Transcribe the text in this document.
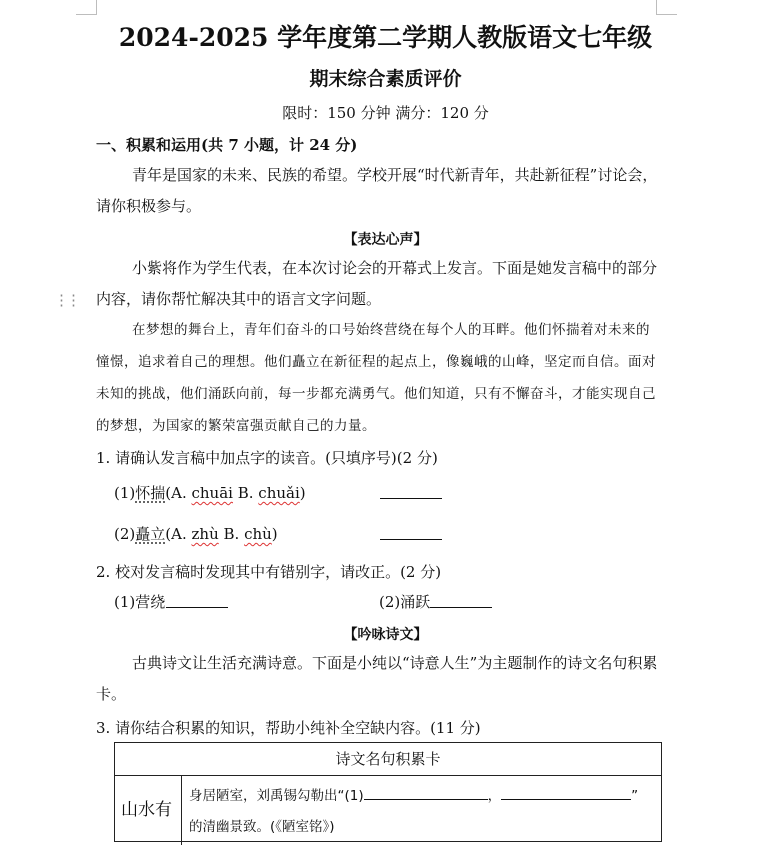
2024-2025 学年度第二学期人教版语文七年级
期末综合素质评价
限时：150 分钟 满分：120 分
一、积累和运用(共 7 小题，计 24 分)
青年是国家的未来、民族的希望。学校开展“时代新青年，共赴新征程”讨论会，请你积极参与。
【表达心声】
小紫将作为学生代表，在本次讨论会的开幕式上发言。下面是她发言稿中的部分内容，请你帮忙解决其中的语言文字问题。
⋮⋮
在梦想的舞台上，青年们奋斗的口号始终营绕在每个人的耳畔。他们怀揣着对未来的憧憬，追求着自己的理想。他们矗立在新征程的起点上，像巍峨的山峰，坚定而自信。面对未知的挑战，他们涌跃向前，每一步都充满勇气。他们知道，只有不懈奋斗，才能实现自己的梦想，为国家的繁荣富强贡献自己的力量。
1. 请确认发言稿中加点字的读音。(只填序号)(2 分)
(1)怀揣(A. chuāi B. chuǎi)
(2)矗立(A. zhù B. chù)
2. 校对发言稿时发现其中有错别字，请改正。(2 分)
(1)营绕	(2)涌跃
【吟咏诗文】
古典诗文让生活充满诗意。下面是小纯以“诗意人生”为主题制作的诗文名句积累卡。
3. 请你结合积累的知识，帮助小纯补全空缺内容。(11 分)
诗文名句积累卡
山水有
身居陋室，刘禹锡勾勒出“(1)	，	”
的清幽景致。(《陋室铭》)
